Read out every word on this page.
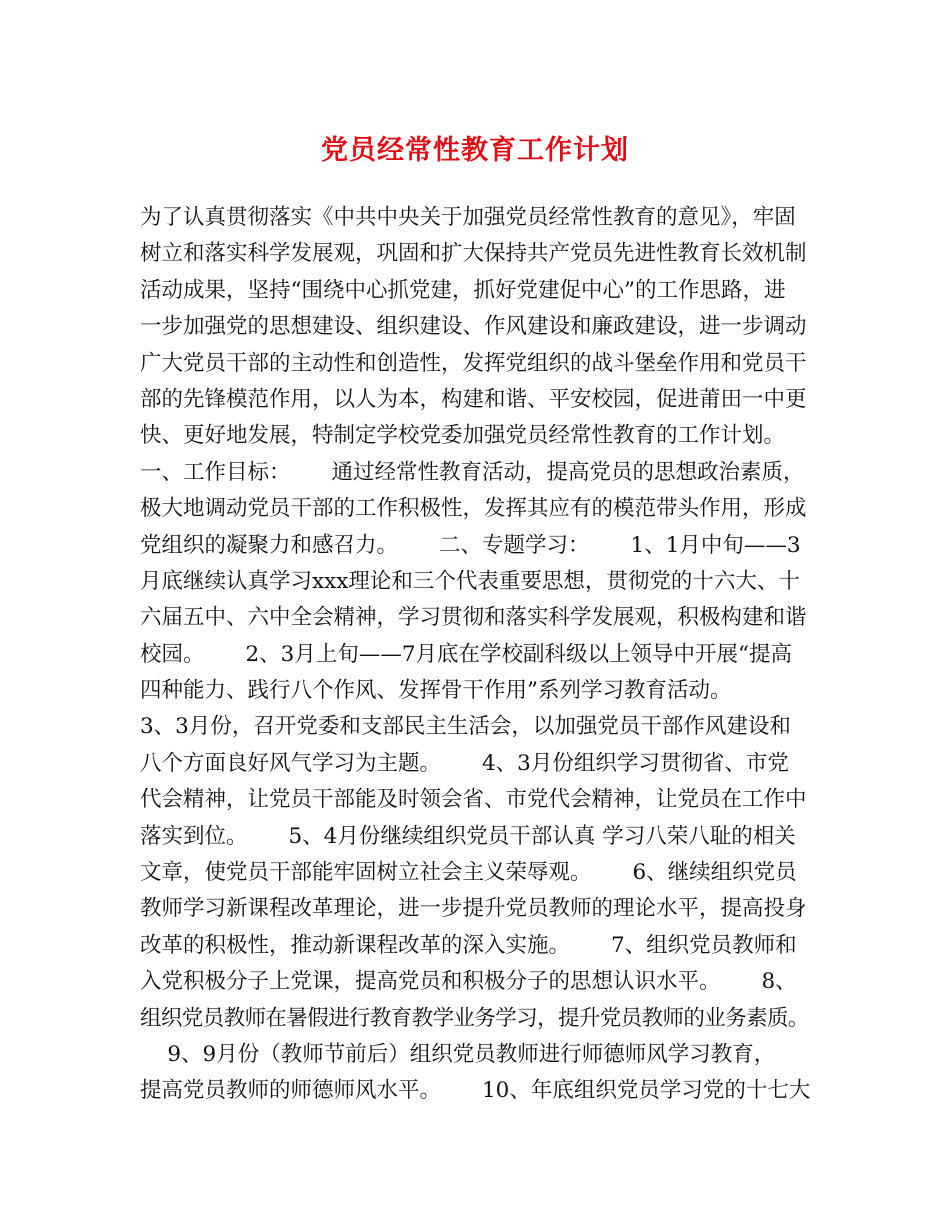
党员经常性教育工作计划
为了认真贯彻落实《中共中央关于加强党员经常性教育的意见》，牢固
树立和落实科学发展观，巩固和扩大保持共产党员先进性教育长效机制
活动成果，坚持“围绕中心抓党建，抓好党建促中心”的工作思路，进
一步加强党的思想建设、组织建设、作风建设和廉政建设，进一步调动
广大党员干部的主动性和创造性，发挥党组织的战斗堡垒作用和党员干
部的先锋模范作用，以人为本，构建和谐、平安校园，促进莆田一中更
快、更好地发展，特制定学校党委加强党员经常性教育的工作计划。
一、工作目标：      通过经常性教育活动，提高党员的思想政治素质，
极大地调动党员干部的工作积极性，发挥其应有的模范带头作用，形成
党组织的凝聚力和感召力。      二、专题学习：      1、1月中旬——3
月底继续认真学习xxx理论和三个代表重要思想，贯彻党的十六大、十
六届五中、六中全会精神，学习贯彻和落实科学发展观，积极构建和谐
校园。      2、3月上旬——7月底在学校副科级以上领导中开展“提高
四种能力、践行八个作风、发挥骨干作用”系列学习教育活动。
3、3月份，召开党委和支部民主生活会，以加强党员干部作风建设和
八个方面良好风气学习为主题。      4、3月份组织学习贯彻省、市党
代会精神，让党员干部能及时领会省、市党代会精神，让党员在工作中
落实到位。      5、4月份继续组织党员干部认真 学习八荣八耻的相关
文章，使党员干部能牢固树立社会主义荣辱观。      6、继续组织党员
教师学习新课程改革理论，进一步提升党员教师的理论水平，提高投身
改革的积极性，推动新课程改革的深入实施。      7、组织党员教师和
入党积极分子上党课，提高党员和积极分子的思想认识水平。      8、
组织党员教师在暑假进行教育教学业务学习，提升党员教师的业务素质。
9、9月份（教师节前后）组织党员教师进行师德师风学习教育，
提高党员教师的师德师风水平。      10、年底组织党员学习党的十七大
